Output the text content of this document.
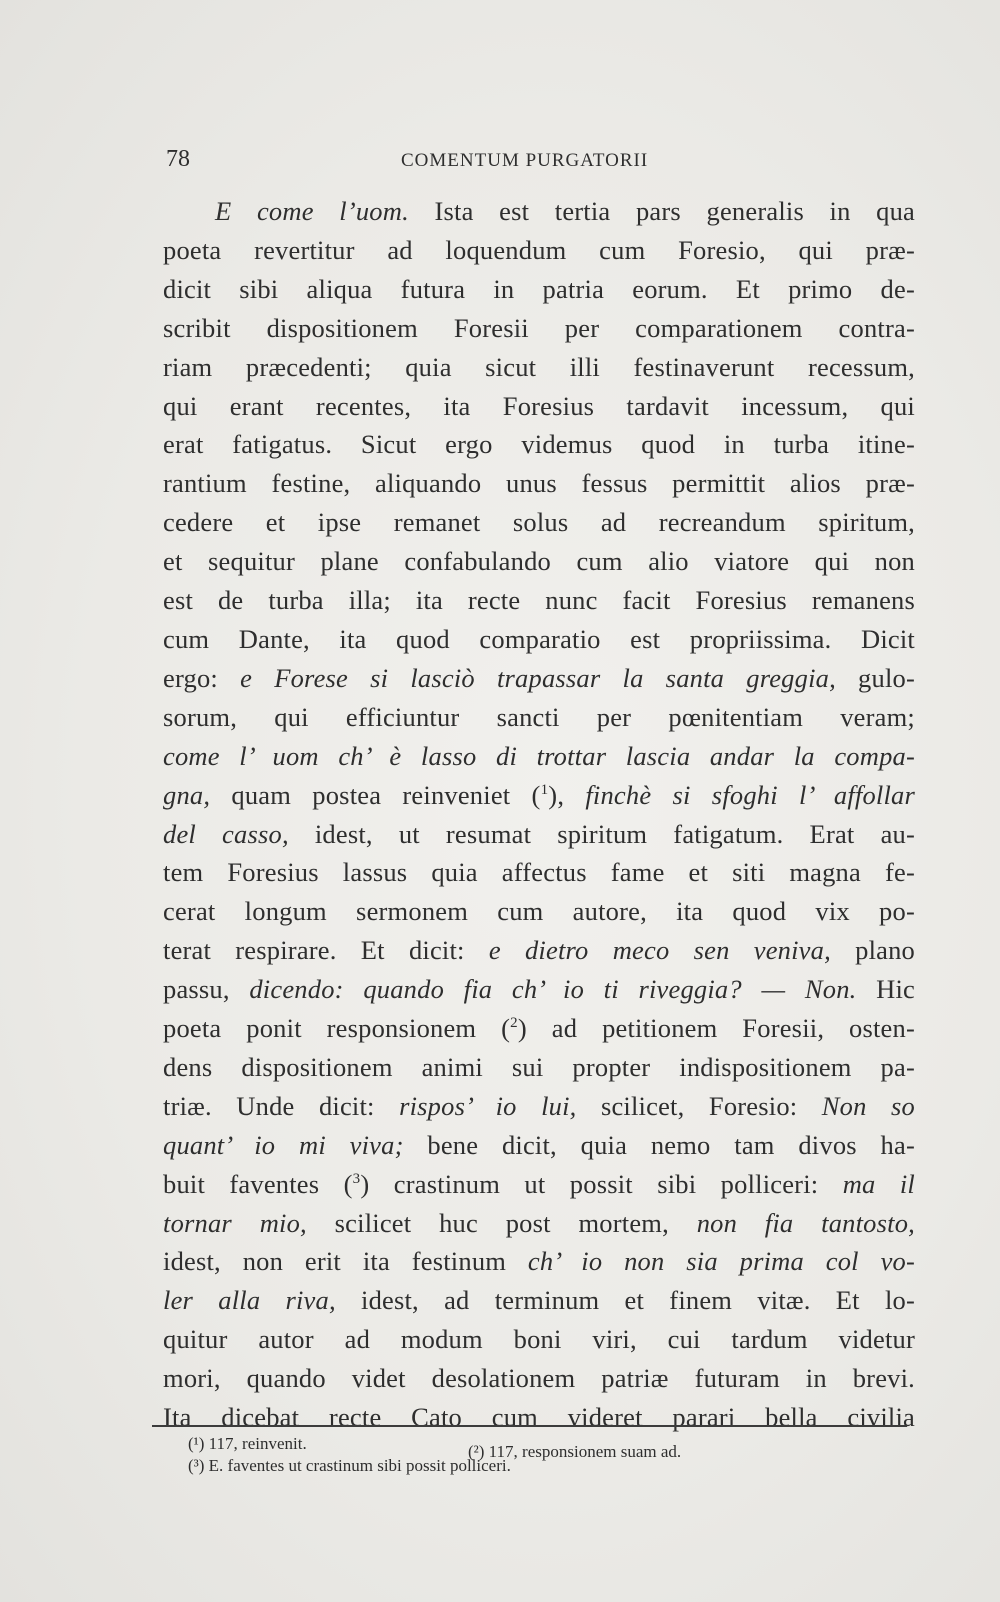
78	COMENTUM PURGATORII
E come l’uom. Ista est tertia pars generalis in qua
poeta revertitur ad loquendum cum Foresio, qui præ-
dicit sibi aliqua futura in patria eorum. Et primo de-
scribit dispositionem Foresii per comparationem contra-
riam præcedenti; quia sicut illi festinaverunt recessum,
qui erant recentes, ita Foresius tardavit incessum, qui
erat fatigatus. Sicut ergo videmus quod in turba itine-
rantium festine, aliquando unus fessus permittit alios præ-
cedere et ipse remanet solus ad recreandum spiritum,
et sequitur plane confabulando cum alio viatore qui non
est de turba illa; ita recte nunc facit Foresius remanens
cum Dante, ita quod comparatio est propriissima. Dicit
ergo: e Forese si lasciò trapassar la santa greggia, gulo-
sorum, qui efficiuntur sancti per pœnitentiam veram;
come l’ uom ch’ è lasso di trottar lascia andar la compa-
gna, quam postea reinveniet ($^1$), finchè si sfoghi l’ affollar
del casso, idest, ut resumat spiritum fatigatum. Erat au-
tem Foresius lassus quia affectus fame et siti magna fe-
cerat longum sermonem cum autore, ita quod vix po-
terat respirare. Et dicit: e dietro meco sen veniva, plano
passu, dicendo: quando fia ch’ io ti riveggia? — Non. Hic
poeta ponit responsionem ($^2$) ad petitionem Foresii, osten-
dens dispositionem animi sui propter indispositionem pa-
triæ. Unde dicit: rispos’ io lui, scilicet, Foresio: Non so
quant’ io mi viva; bene dicit, quia nemo tam divos ha-
buit faventes ($^3$) crastinum ut possit sibi polliceri: ma il
tornar mio, scilicet huc post mortem, non fia tantosto,
idest, non erit ita festinum ch’ io non sia prima col vo-
ler alla riva, idest, ad terminum et finem vitæ. Et lo-
quitur autor ad modum boni viri, cui tardum videtur
mori, quando videt desolationem patriæ futuram in brevi.
Ita dicebat recte Cato cum videret parari bella civilia
(¹) 117, reinvenit.	(²) 117, responsionem suam ad.
(³) E. faventes ut crastinum sibi possit polliceri.
